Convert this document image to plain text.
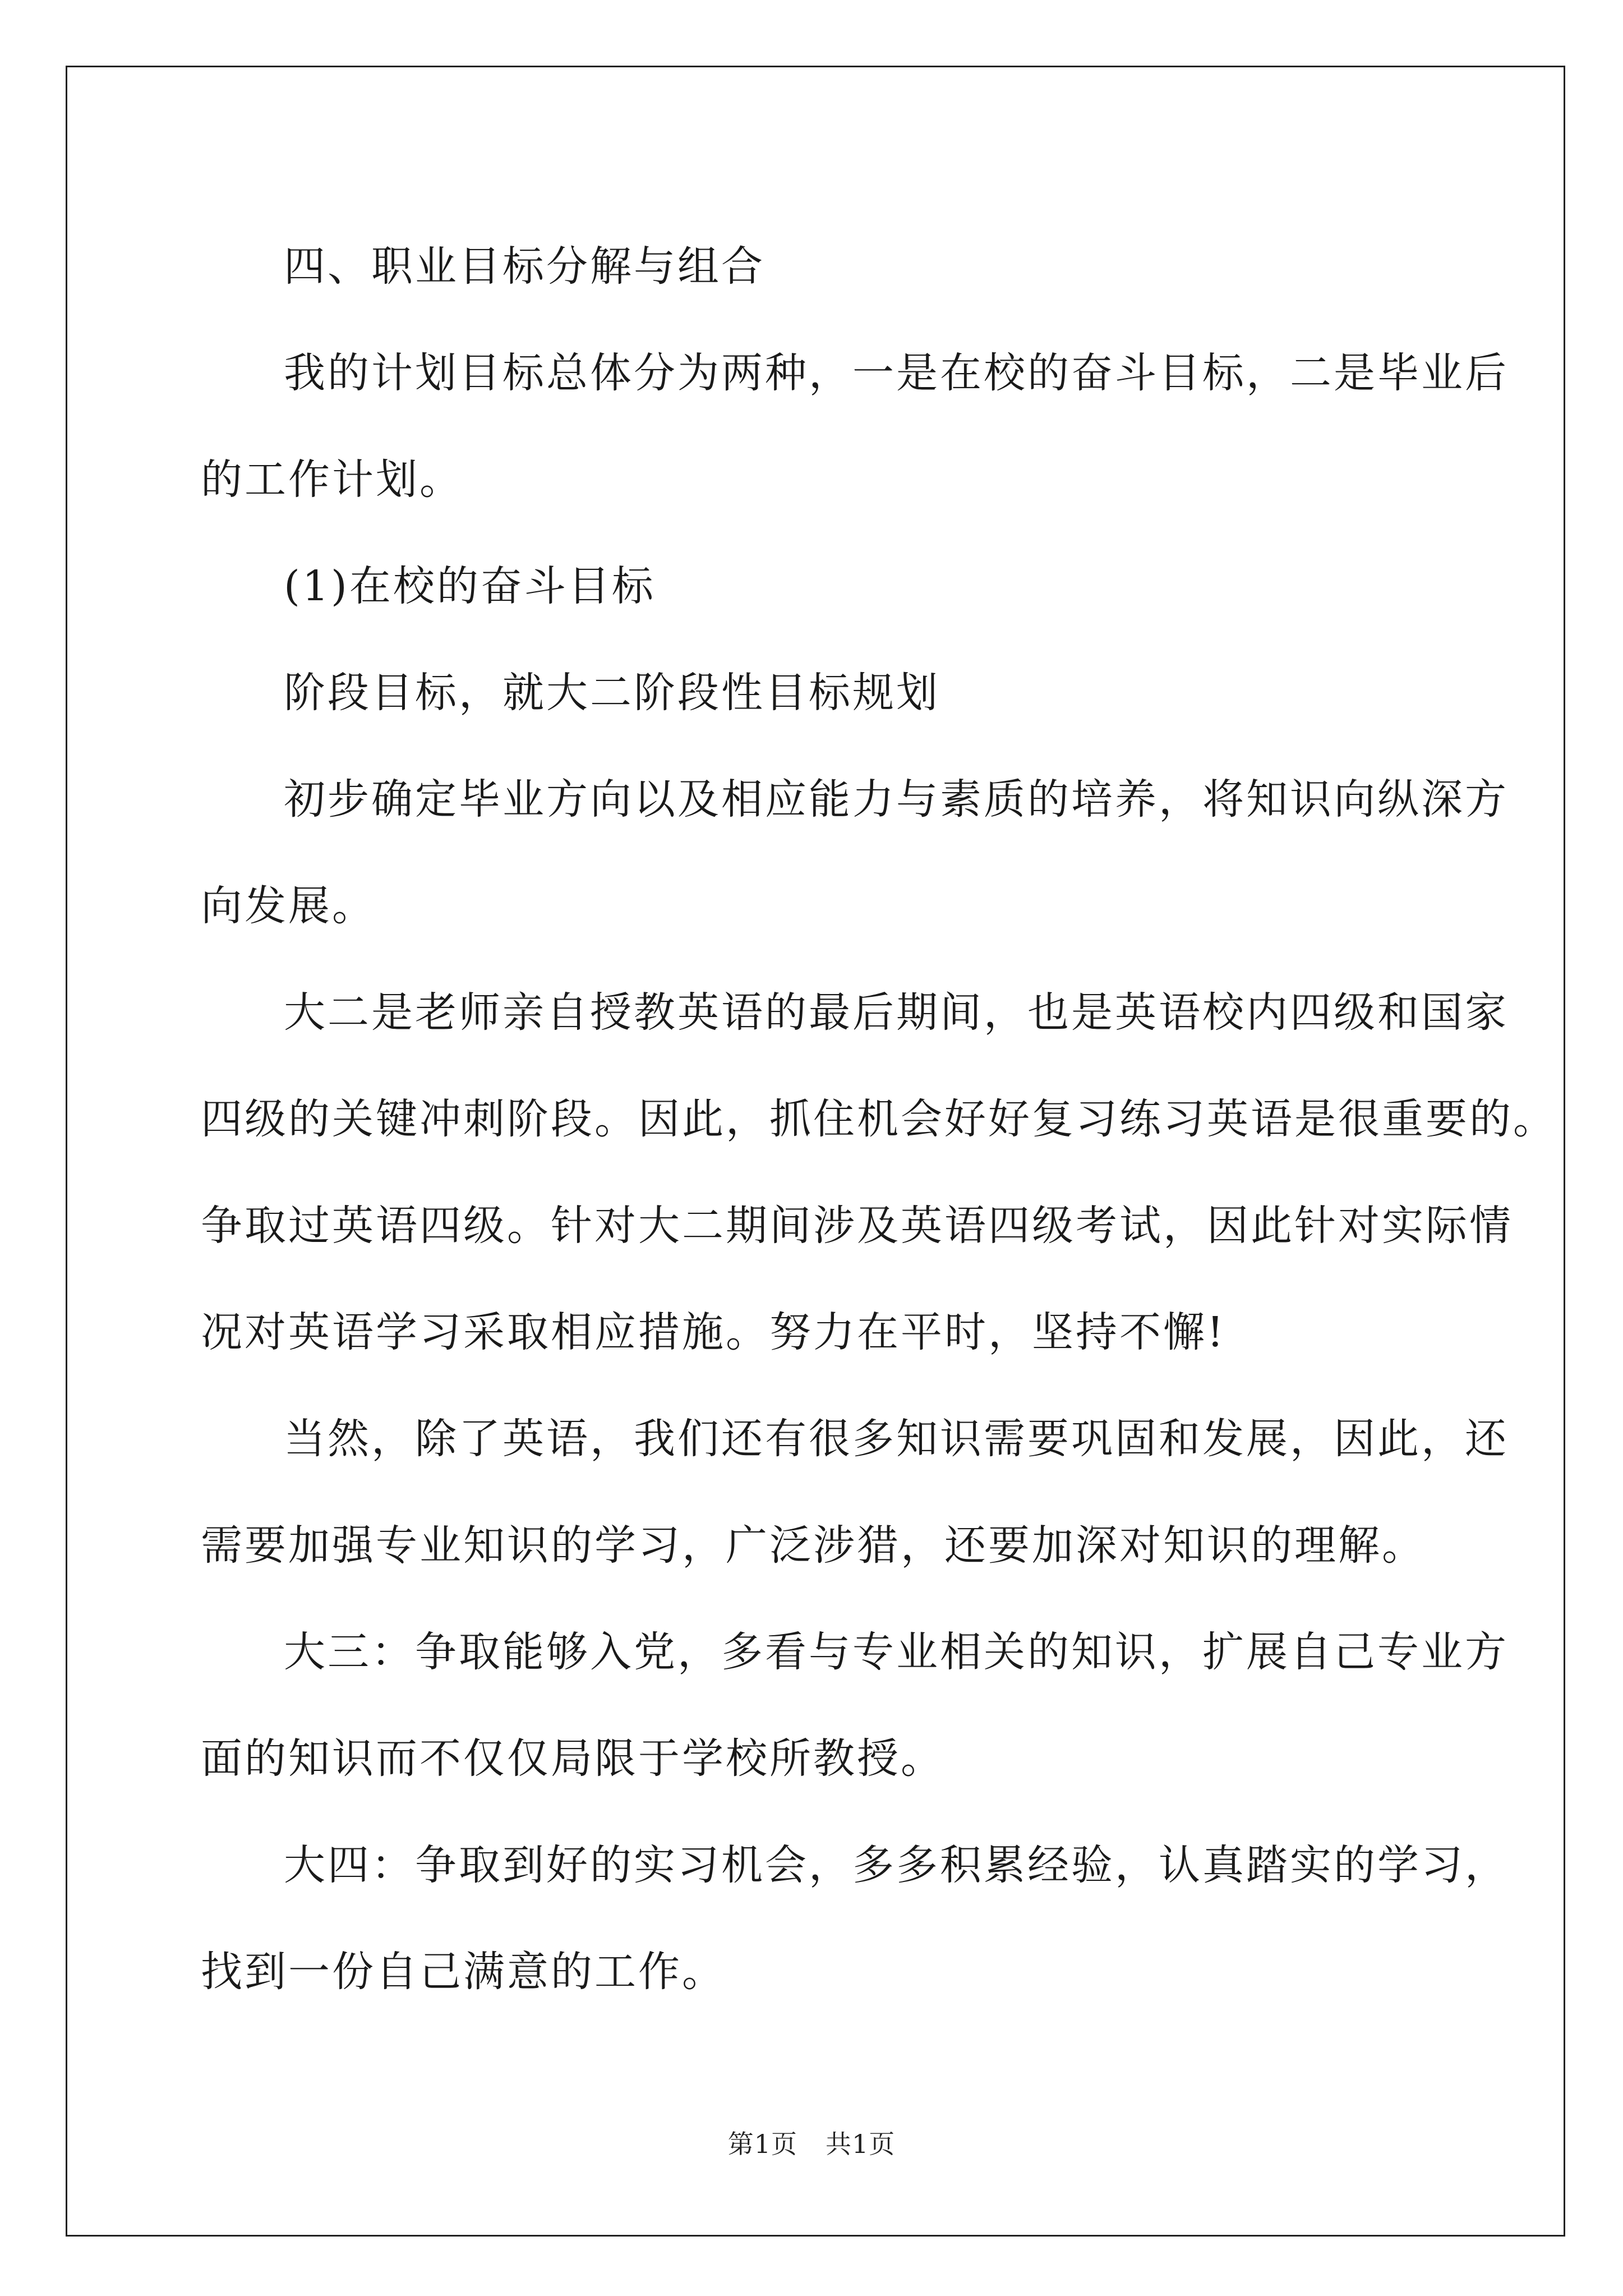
四、职业目标分解与组合

我的计划目标总体分为两种，一是在校的奋斗目标，二是毕业后

的工作计划。

(1)在校的奋斗目标

阶段目标，就大二阶段性目标规划

初步确定毕业方向以及相应能力与素质的培养，将知识向纵深方

向发展。

大二是老师亲自授教英语的最后期间，也是英语校内四级和国家

四级的关键冲刺阶段。因此，抓住机会好好复习练习英语是很重要的。

争取过英语四级。针对大二期间涉及英语四级考试，因此针对实际情

况对英语学习采取相应措施。努力在平时，坚持不懈!

当然，除了英语，我们还有很多知识需要巩固和发展，因此，还

需要加强专业知识的学习，广泛涉猎，还要加深对知识的理解。

大三：争取能够入党，多看与专业相关的知识，扩展自己专业方

面的知识而不仅仅局限于学校所教授。

大四：争取到好的实习机会，多多积累经验，认真踏实的学习，

找到一份自己满意的工作。

第1页 共1页
